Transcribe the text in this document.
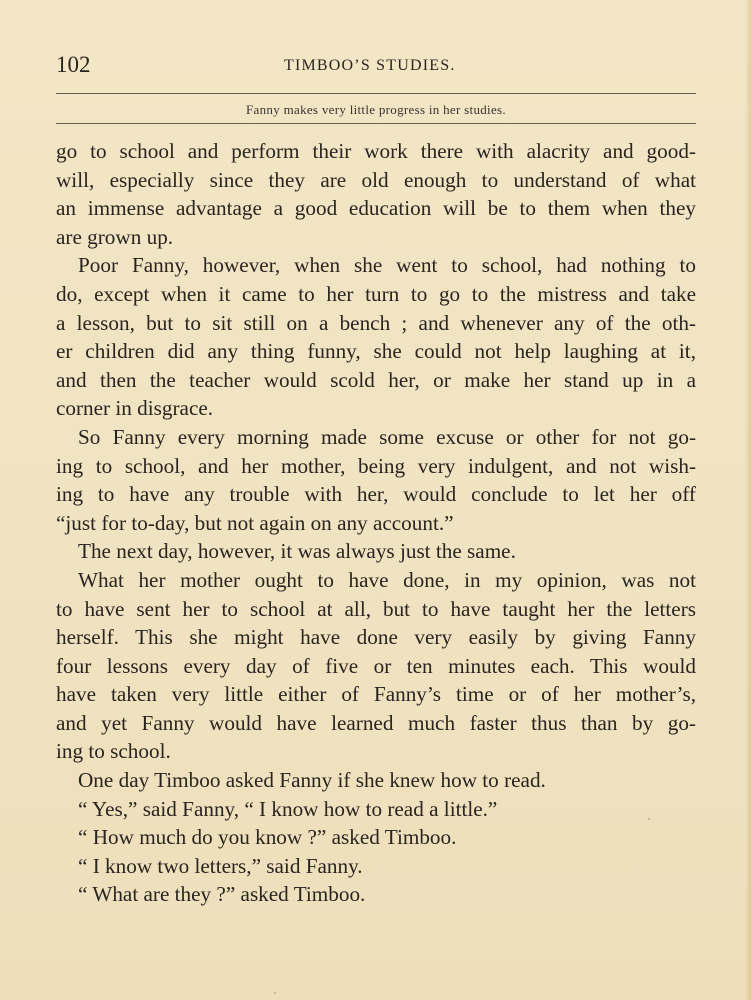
102	TIMBOO’S STUDIES.
Fanny makes very little progress in her studies.
go to school and perform their work there with alacrity and good-
will, especially since they are old enough to understand of what
an immense advantage a good education will be to them when they
are grown up.
Poor Fanny, however, when she went to school, had nothing to
do, except when it came to her turn to go to the mistress and take
a lesson, but to sit still on a bench ; and whenever any of the oth-
er children did any thing funny, she could not help laughing at it,
and then the teacher would scold her, or make her stand up in a
corner in disgrace.
So Fanny every morning made some excuse or other for not go-
ing to school, and her mother, being very indulgent, and not wish-
ing to have any trouble with her, would conclude to let her off
“just for to-day, but not again on any account.”
The next day, however, it was always just the same.
What her mother ought to have done, in my opinion, was not
to have sent her to school at all, but to have taught her the letters
herself. This she might have done very easily by giving Fanny
four lessons every day of five or ten minutes each. This would
have taken very little either of Fanny’s time or of her mother’s,
and yet Fanny would have learned much faster thus than by go-
ing to school.
One day Timboo asked Fanny if she knew how to read.
“ Yes,” said Fanny, “ I know how to read a little.”
“ How much do you know ?” asked Timboo.
“ I know two letters,” said Fanny.
“ What are they ?” asked Timboo.
